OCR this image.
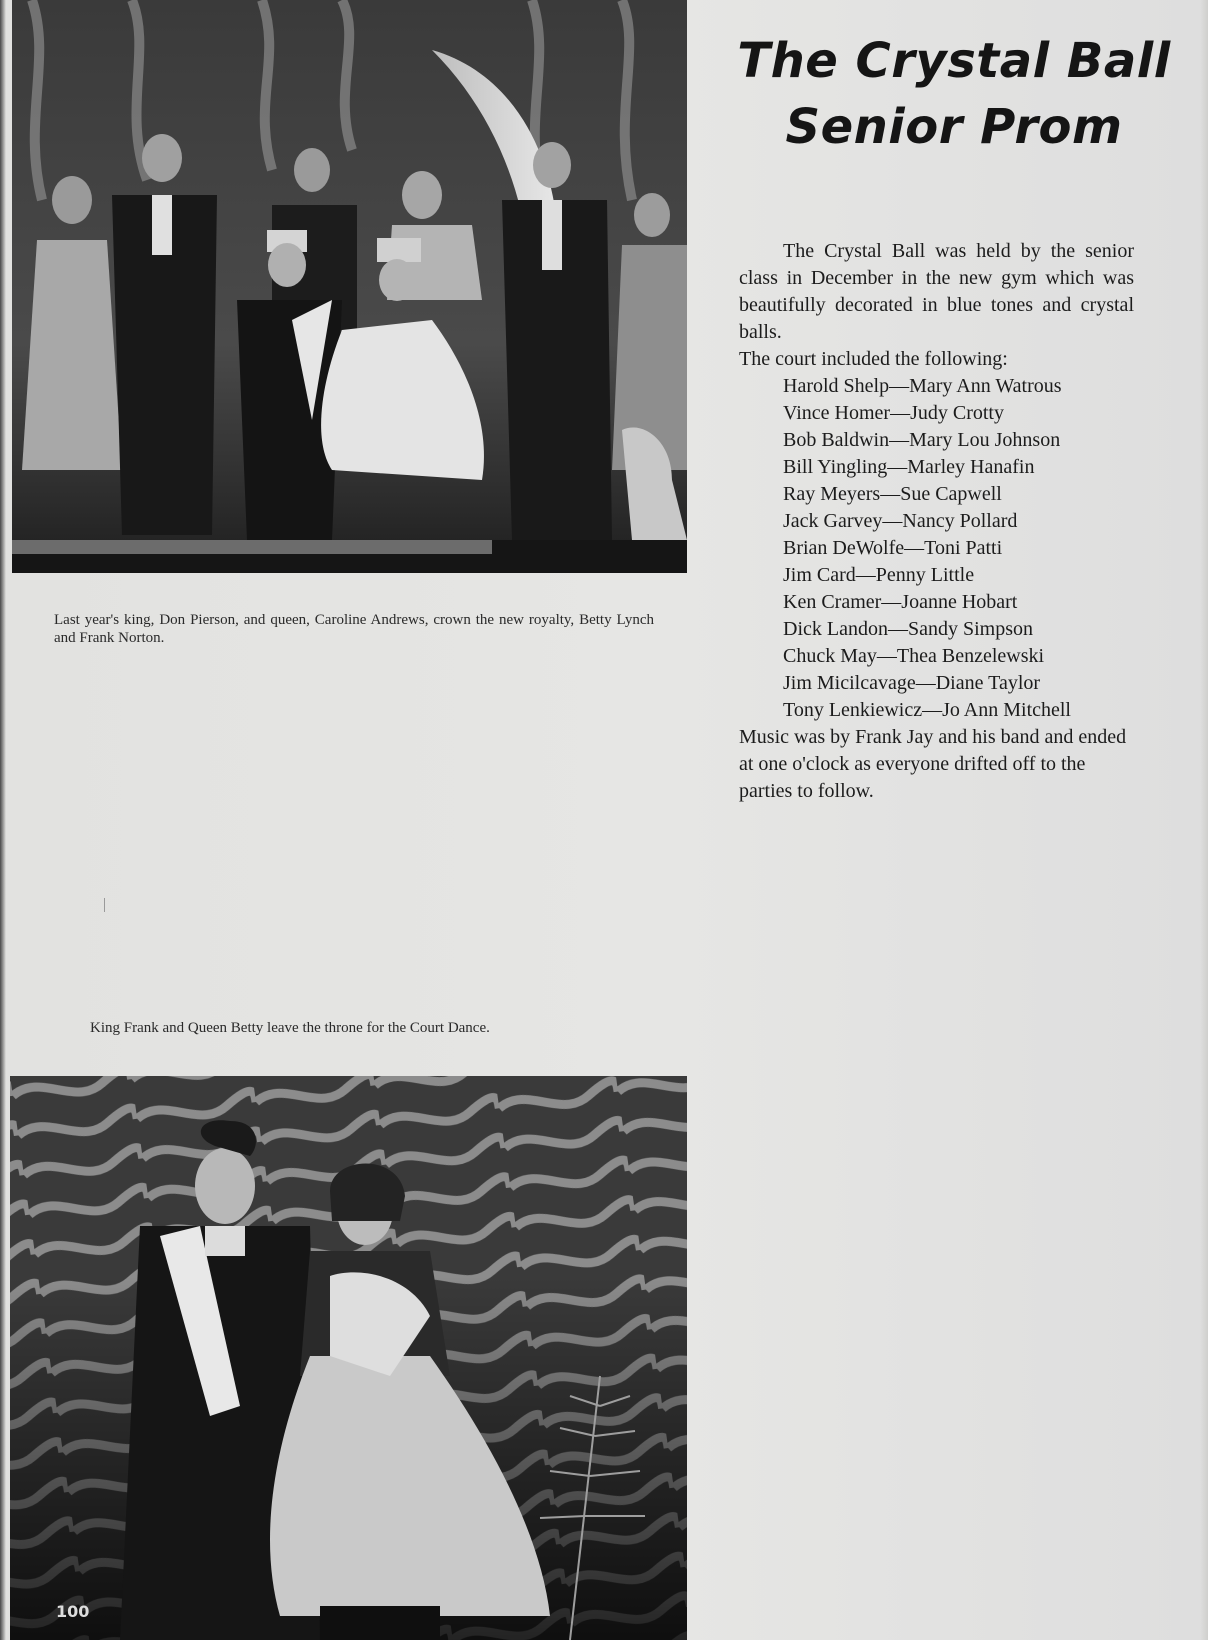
Last year's king, Don Pierson, and queen, Caroline Andrews, crown the new royalty, Betty Lynch and Frank Norton.
The Crystal Ball
Senior Prom

The Crystal Ball was held by the senior class in December in the new gym which was beautifully decorated in blue tones and crystal balls.

The court included the following:

Harold Shelp—Mary Ann Watrous
Vince Homer—Judy Crotty
Bob Baldwin—Mary Lou Johnson
Bill Yingling—Marley Hanafin
Ray Meyers—Sue Capwell
Jack Garvey—Nancy Pollard
Brian DeWolfe—Toni Patti
Jim Card—Penny Little
Ken Cramer—Joanne Hobart
Dick Landon—Sandy Simpson
Chuck May—Thea Benzelewski
Jim Micilcavage—Diane Taylor
Tony Lenkiewicz—Jo Ann Mitchell

Music was by Frank Jay and his band and ended at one o'clock as everyone drifted off to the parties to follow.

King Frank and Queen Betty leave the throne for the Court Dance.
100
